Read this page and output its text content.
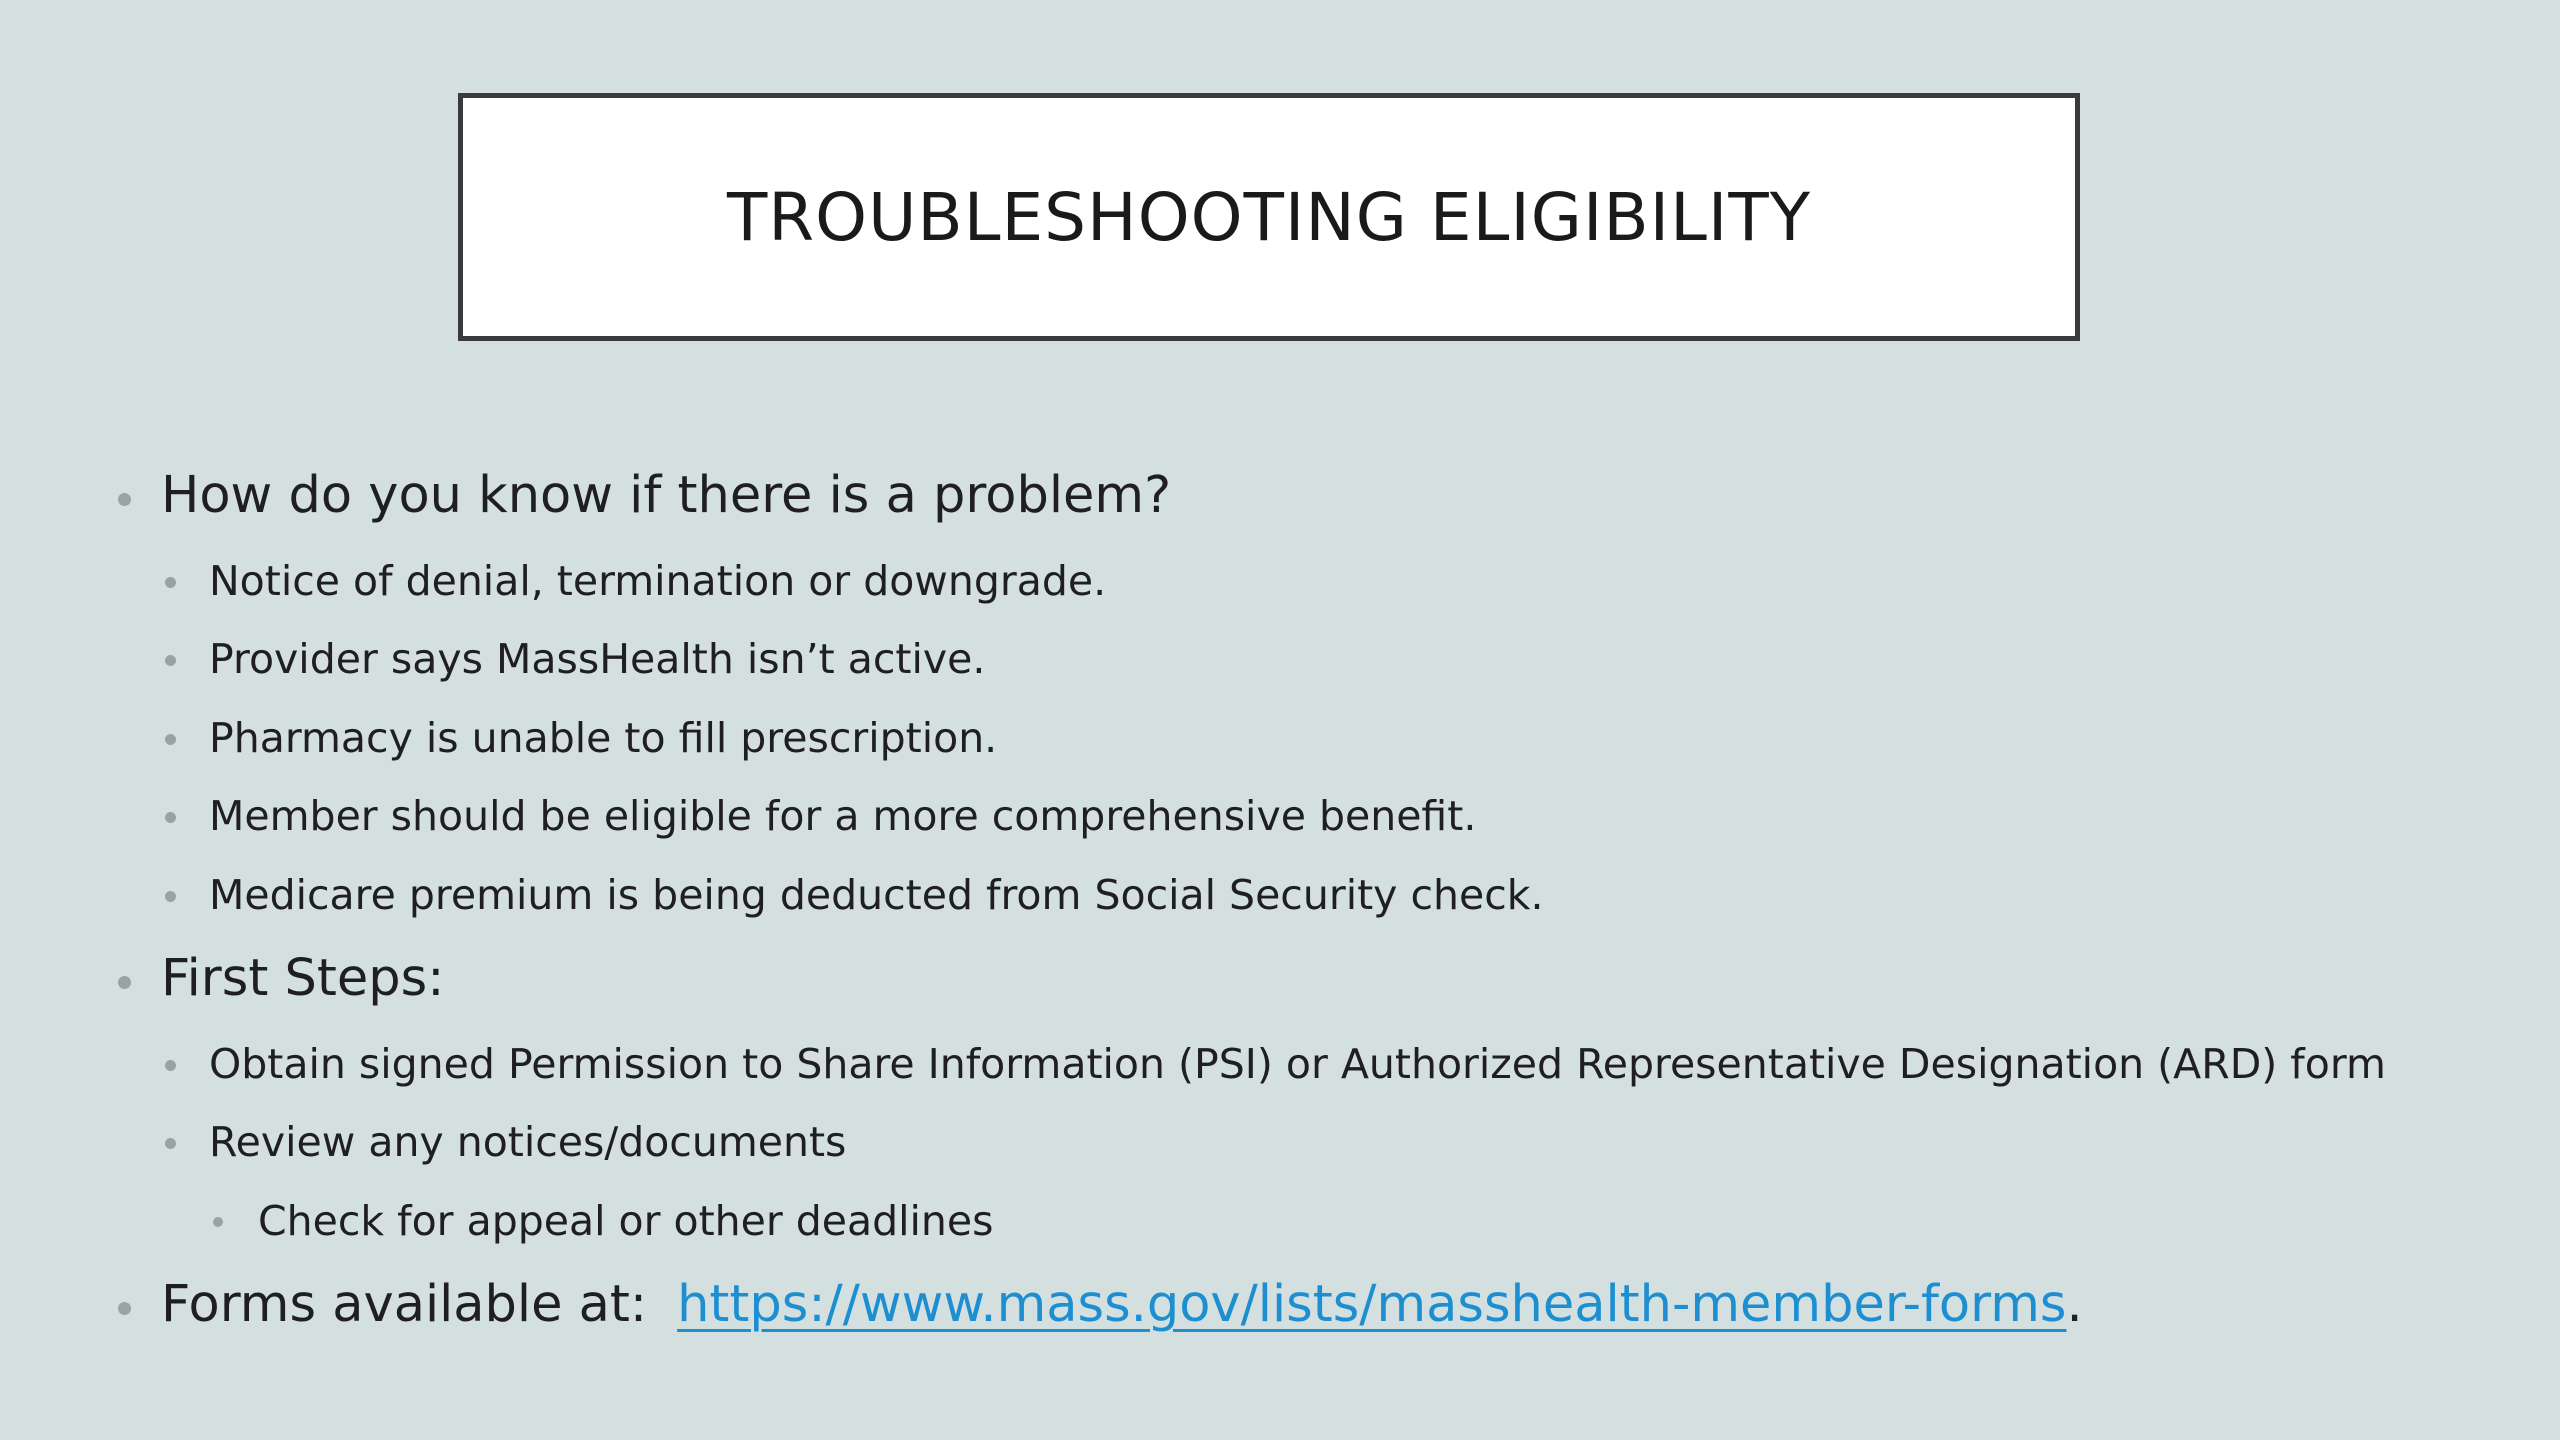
TROUBLESHOOTING ELIGIBILITY
How do you know if there is a problem?
Notice of denial, termination or downgrade.
Provider says MassHealth isn’t active.
Pharmacy is unable to fill prescription.
Member should be eligible for a more comprehensive benefit.
Medicare premium is being deducted from Social Security check.
First Steps:
Obtain signed Permission to Share Information (PSI) or Authorized Representative Designation (ARD) form
Review any notices/documents
Check for appeal or other deadlines
Forms available at: https://www.mass.gov/lists/masshealth-member-forms.
